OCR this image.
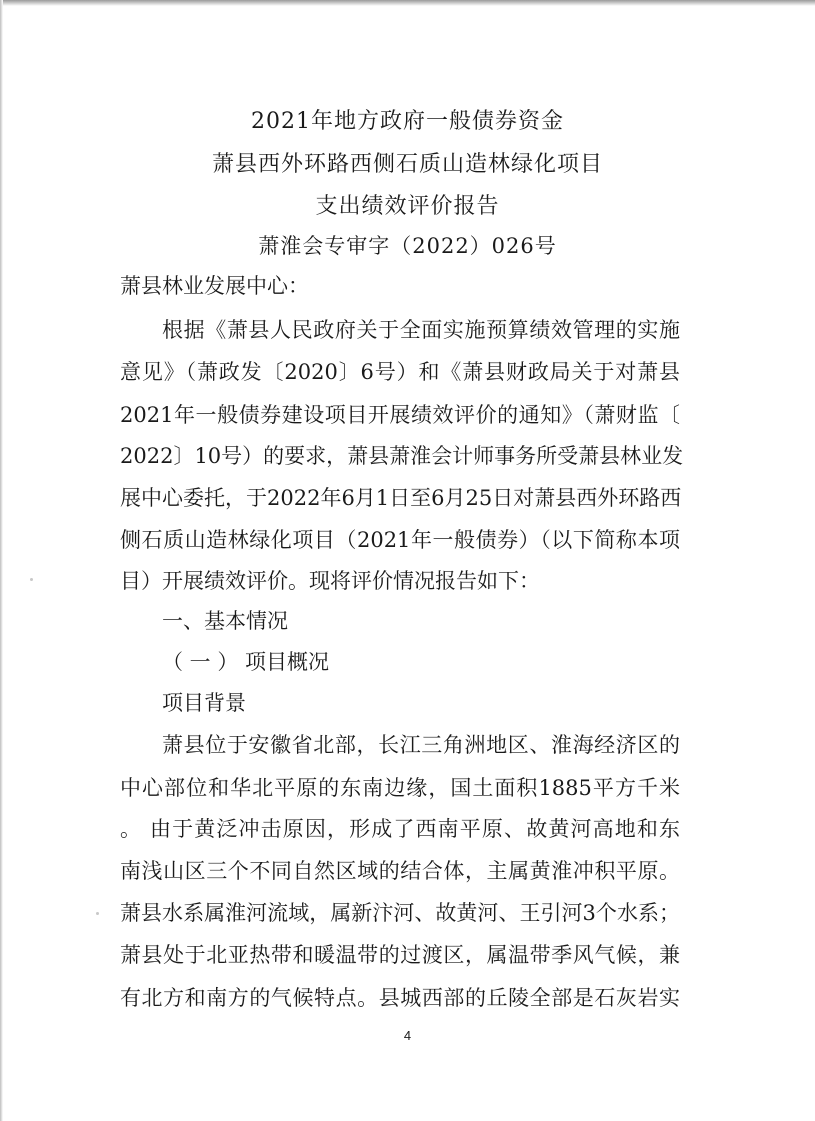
2021年地方政府一般债券资金
萧县西外环路西侧石质山造林绿化项目
支出绩效评价报告
萧淮会专审字（2022）026号
萧县林业发展中心：
根据《萧县人民政府关于全面实施预算绩效管理的实施
意见》（萧政发〔2020〕6号）和《萧县财政局关于对萧县
2021年一般债券建设项目开展绩效评价的通知》（萧财监〔
2022〕10号）的要求，萧县萧淮会计师事务所受萧县林业发
展中心委托，于2022年6月1日至6月25日对萧县西外环路西
侧石质山造林绿化项目（2021年一般债券）（以下简称本项
目）开展绩效评价。现将评价情况报告如下：
一、基本情况
（ 一 ） 项目概况
项目背景
萧县位于安徽省北部，长江三角洲地区、淮海经济区的
中心部位和华北平原的东南边缘，国土面积1885平方千米
。 由于黄泛冲击原因，形成了西南平原、故黄河高地和东
南浅山区三个不同自然区域的结合体，主属黄淮冲积平原。
萧县水系属淮河流域，属新汴河、故黄河、王引河3个水系；
萧县处于北亚热带和暖温带的过渡区，属温带季风气候，兼
有北方和南方的气候特点。县城西部的丘陵全部是石灰岩实
4
